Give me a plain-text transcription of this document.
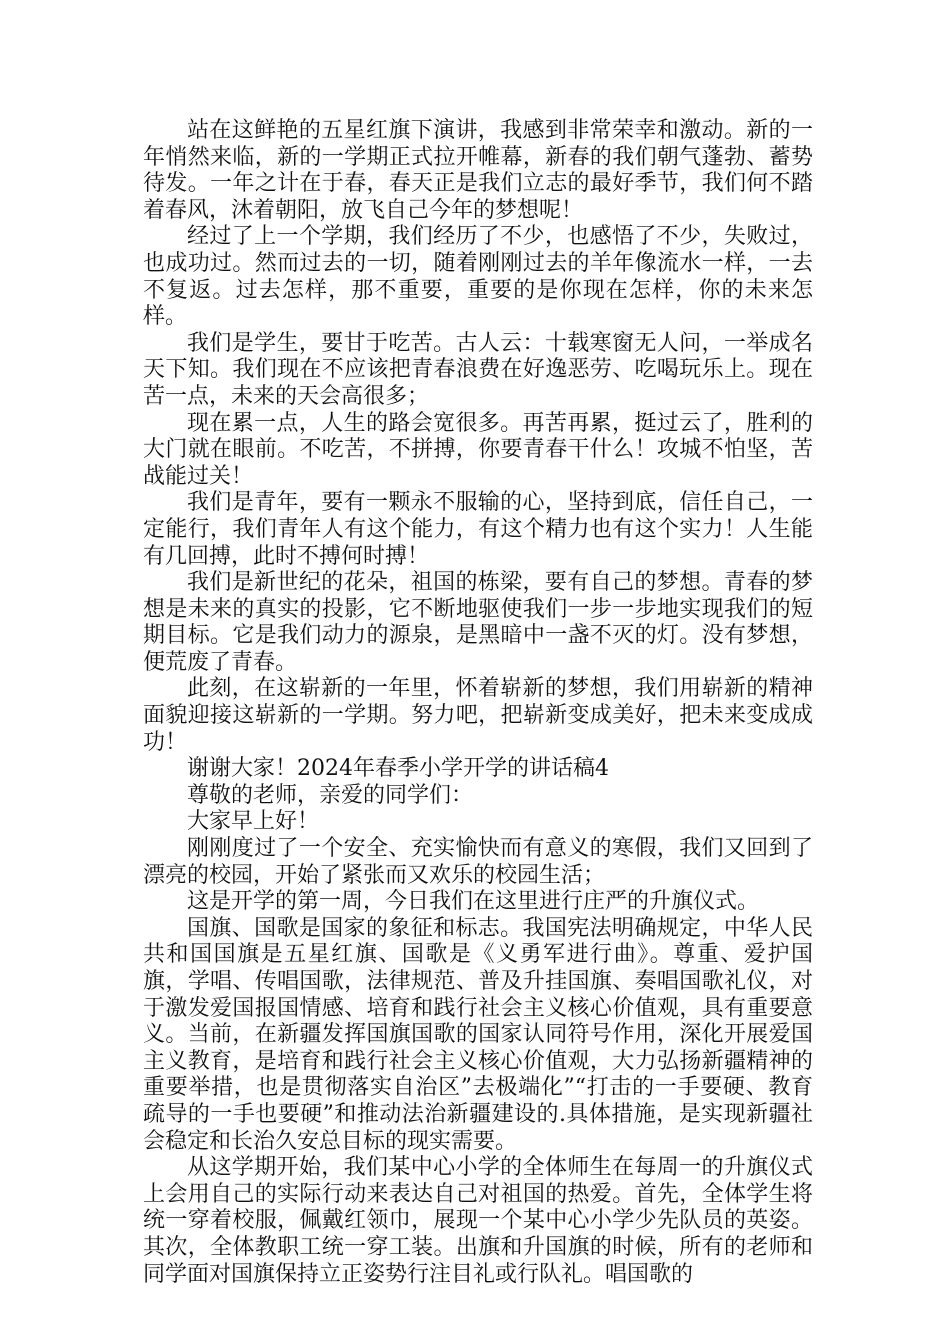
站在这鲜艳的五星红旗下演讲，我感到非常荣幸和激动。新的一年悄然来临，新的一学期正式拉开帷幕，新春的我们朝气蓬勃、蓄势待发。一年之计在于春，春天正是我们立志的最好季节，我们何不踏着春风，沐着朝阳，放飞自己今年的梦想呢！

经过了上一个学期，我们经历了不少，也感悟了不少，失败过，也成功过。然而过去的一切，随着刚刚过去的羊年像流水一样，一去不复返。过去怎样，那不重要，重要的是你现在怎样，你的未来怎样。

我们是学生，要甘于吃苦。古人云：十载寒窗无人问，一举成名天下知。我们现在不应该把青春浪费在好逸恶劳、吃喝玩乐上。现在苦一点，未来的天会高很多；

现在累一点，人生的路会宽很多。再苦再累，挺过云了，胜利的大门就在眼前。不吃苦，不拼搏，你要青春干什么！攻城不怕坚，苦战能过关！

我们是青年，要有一颗永不服输的心，坚持到底，信任自己，一定能行，我们青年人有这个能力，有这个精力也有这个实力！人生能有几回搏，此时不搏何时搏！

我们是新世纪的花朵，祖国的栋梁，要有自己的梦想。青春的梦想是未来的真实的投影，它不断地驱使我们一步一步地实现我们的短期目标。它是我们动力的源泉，是黑暗中一盏不灭的灯。没有梦想，便荒废了青春。

此刻，在这崭新的一年里，怀着崭新的梦想，我们用崭新的精神面貌迎接这崭新的一学期。努力吧，把崭新变成美好，把未来变成成功！

谢谢大家！2024年春季小学开学的讲话稿4

尊敬的老师，亲爱的同学们：

大家早上好！

刚刚度过了一个安全、充实愉快而有意义的寒假，我们又回到了漂亮的校园，开始了紧张而又欢乐的校园生活；

这是开学的第一周，今日我们在这里进行庄严的升旗仪式。

国旗、国歌是国家的象征和标志。我国宪法明确规定，中华人民共和国国旗是五星红旗、国歌是《义勇军进行曲》。尊重、爱护国旗，学唱、传唱国歌，法律规范、普及升挂国旗、奏唱国歌礼仪，对于激发爱国报国情感、培育和践行社会主义核心价值观，具有重要意义。当前，在新疆发挥国旗国歌的国家认同符号作用，深化开展爱国主义教育，是培育和践行社会主义核心价值观，大力弘扬新疆精神的重要举措，也是贯彻落实自治区”去极端化”“打击的一手要硬、教育疏导的一手也要硬”和推动法治新疆建设的.具体措施，是实现新疆社会稳定和长治久安总目标的现实需要。

从这学期开始，我们某中心小学的全体师生在每周一的升旗仪式上会用自己的实际行动来表达自己对祖国的热爱。首先，全体学生将统一穿着校服，佩戴红领巾，展现一个某中心小学少先队员的英姿。其次，全体教职工统一穿工装。出旗和升国旗的时候，所有的老师和同学面对国旗保持立正姿势行注目礼或行队礼。唱国歌的
